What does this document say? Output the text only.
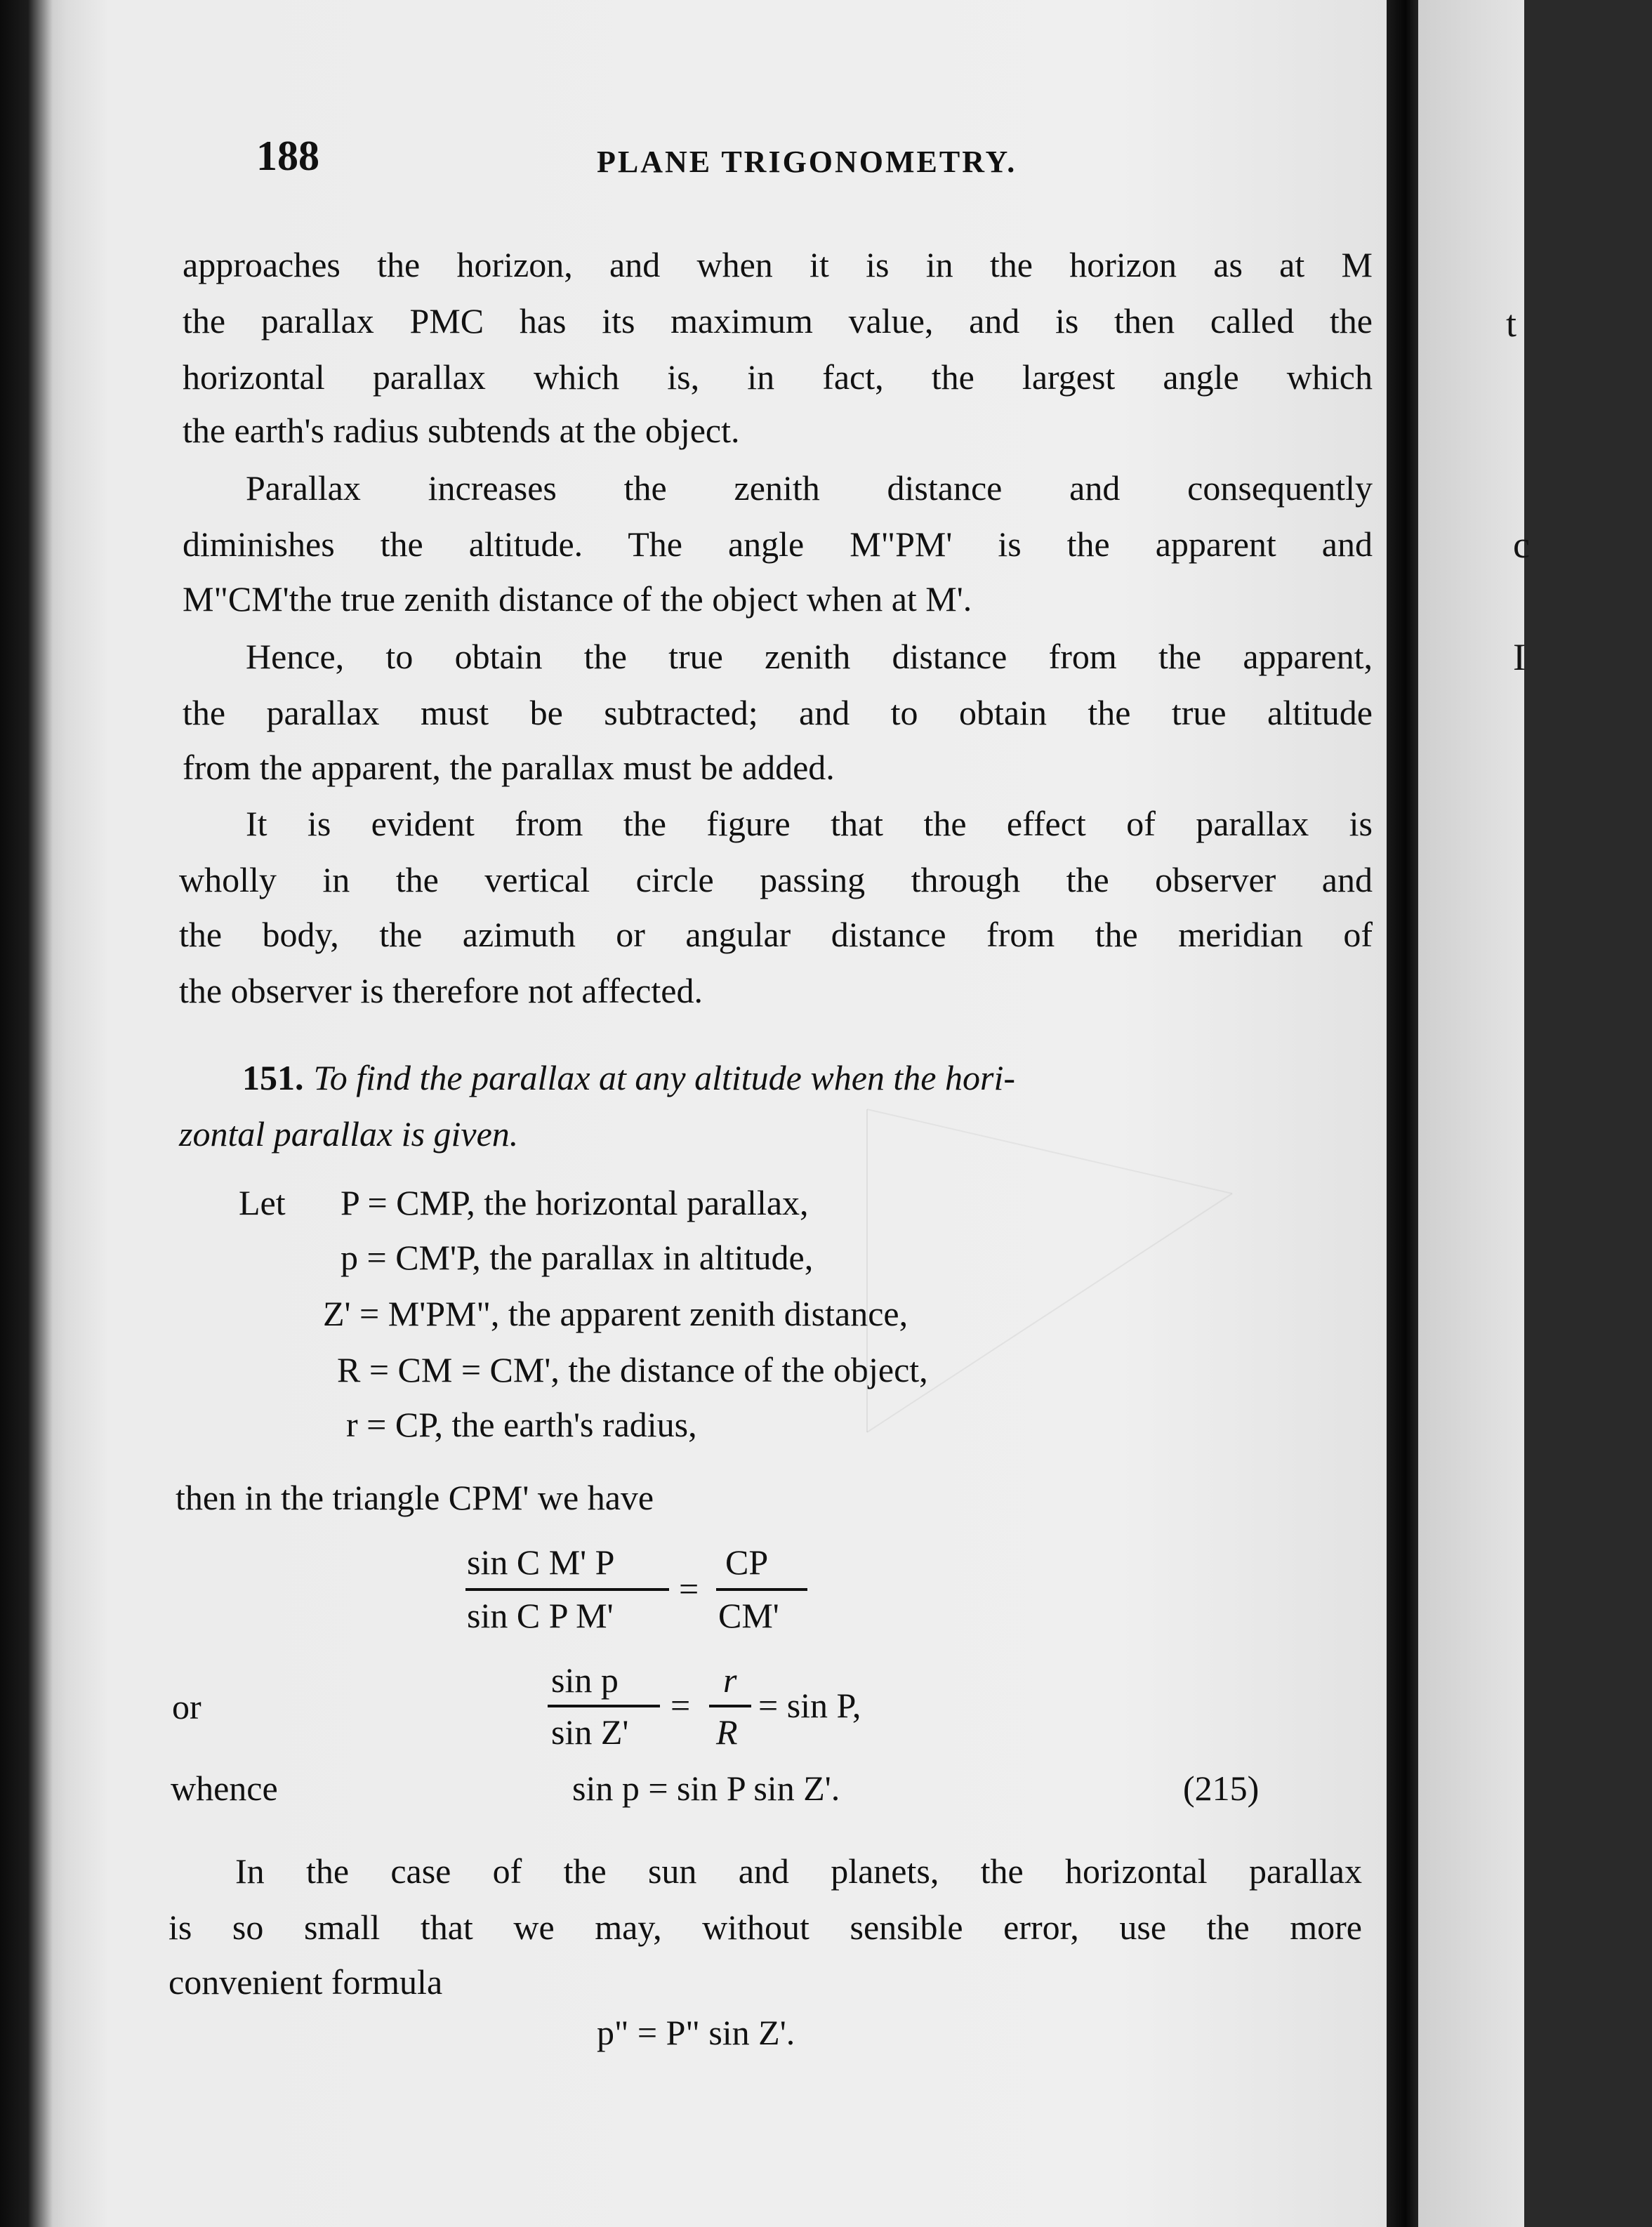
188	PLANE TRIGONOMETRY.
approaches the horizon, and when it is in the horizon as at M
the parallax PMC has its maximum value, and is then called the
horizontal parallax which is, in fact, the largest angle which
the earth's radius subtends at the object.
Parallax increases the zenith distance and consequently
diminishes the altitude. The angle M"PM' is the apparent and
M"CM'the true zenith distance of the object when at M'.
Hence, to obtain the true zenith distance from the apparent,
the parallax must be subtracted; and to obtain the true altitude
from the apparent, the parallax must be added.
It is evident from the figure that the effect of parallax is
wholly in the vertical circle passing through the observer and
the body, the azimuth or angular distance from the meridian of
the observer is therefore not affected.
151. To find the parallax at any altitude when the hori-
zontal parallax is given.
Let	P = CMP, the horizontal parallax,
p = CM'P, the parallax in altitude,
Z' = M'PM", the apparent zenith distance,
R = CM = CM', the distance of the object,
r = CP, the earth's radius,
then in the triangle CPM' we have
sin C M' P
sin C P M'
=
CP
CM'
or
sin p
sin Z'
=
r
R
= sin P,
whence	sin p = sin P sin Z'.	(215)
In the case of the sun and planets, the horizontal parallax
is so small that we may, without sensible error, use the more
convenient formula
p" = P" sin Z'.
t
c
I
